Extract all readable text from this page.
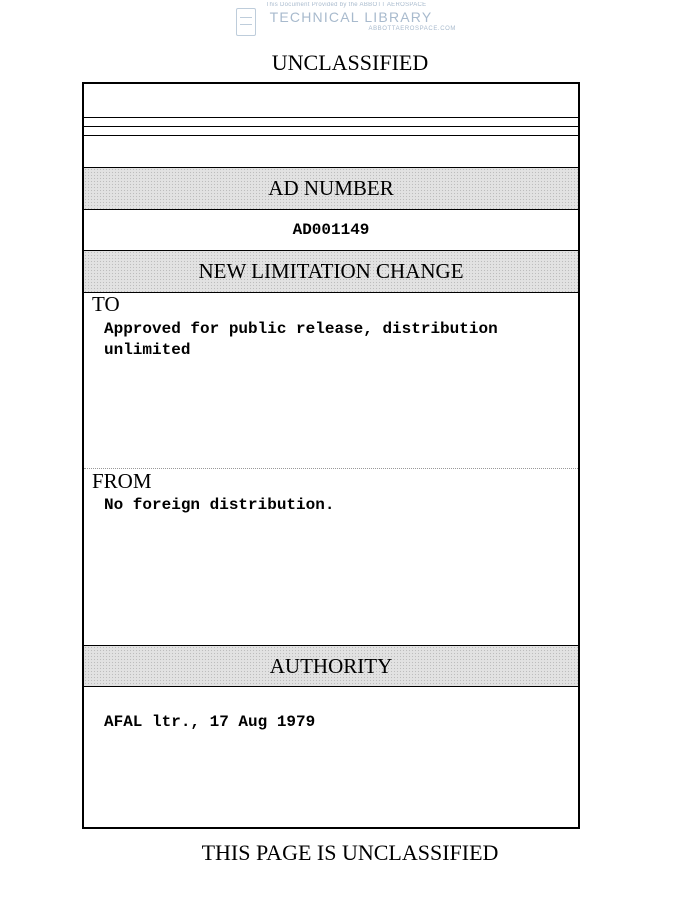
This Document Provided by the ABBOTT AEROSPACE
TECHNICAL LIBRARY
ABBOTTAEROSPACE.COM
UNCLASSIFIED
AD NUMBER
AD001149
NEW LIMITATION CHANGE
TO
Approved for public release, distribution unlimited
FROM
No foreign distribution.
AUTHORITY
AFAL ltr., 17 Aug 1979
THIS PAGE IS UNCLASSIFIED
